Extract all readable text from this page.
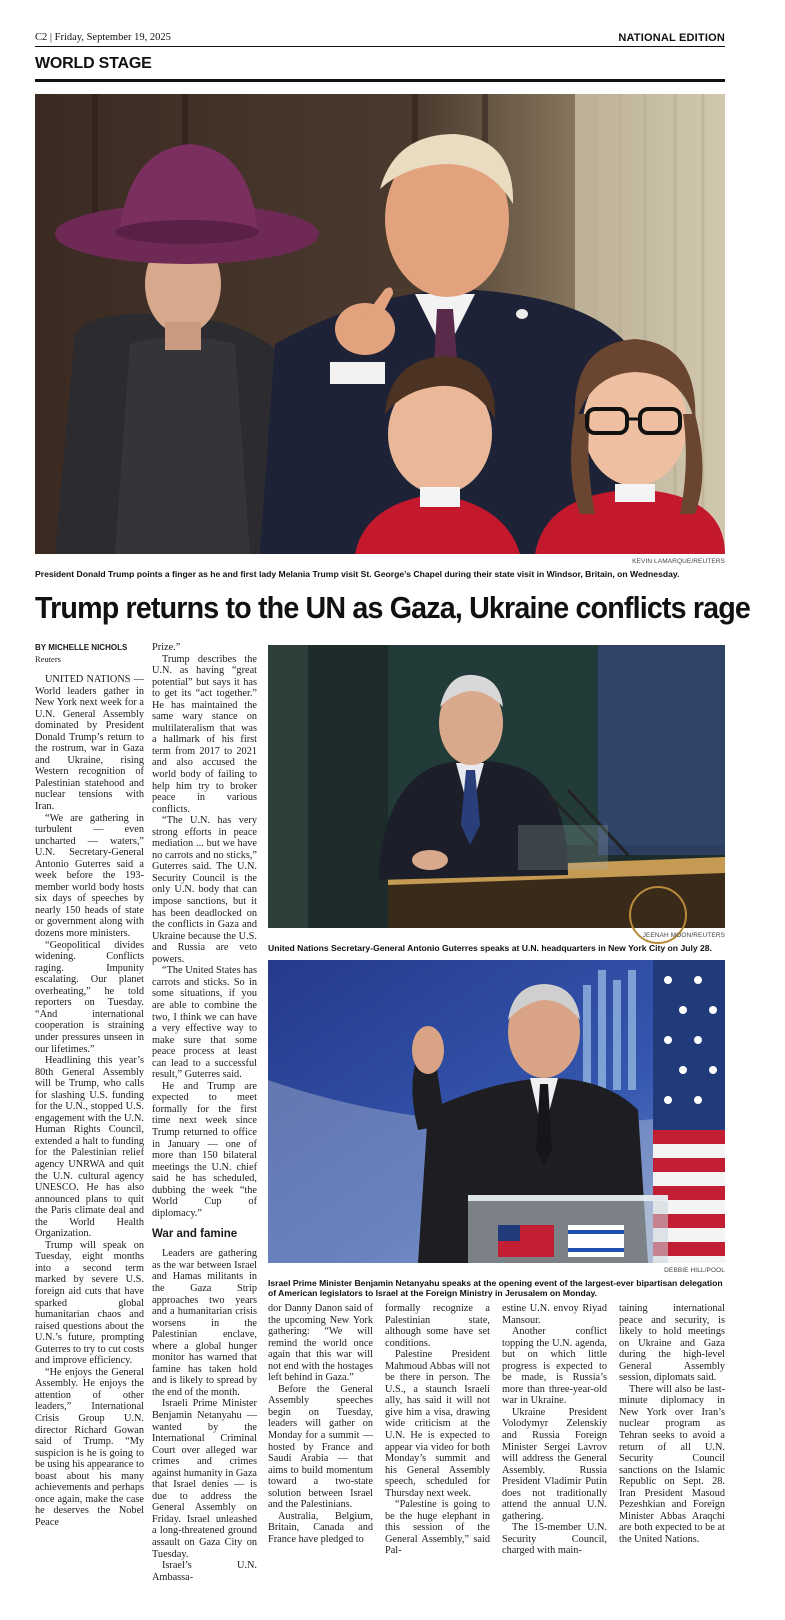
C2 | Friday, September 19, 2025	NATIONAL EDITION
WORLD STAGE
KEVIN LAMARQUE/REUTERS
President Donald Trump points a finger as he and first lady Melania Trump visit St. George’s Chapel during their state visit in Windsor, Britain, on Wednesday.
Trump returns to the UN as Gaza, Ukraine conflicts rage
BY MICHELLE NICHOLS
Reuters

UNITED NATIONS — World leaders gather in New York next week for a U.N. General Assembly dominated by President Donald Trump’s return to the rostrum, war in Gaza and Ukraine, rising Western recognition of Palestinian statehood and nuclear tensions with Iran.

“We are gathering in turbulent — even uncharted — waters,” U.N. Secretary-General Antonio Guterres said a week before the 193-member world body hosts six days of speeches by nearly 150 heads of state or government along with dozens more ministers.

“Geopolitical divides widening. Conflicts raging. Impunity escalating. Our planet overheating,” he told reporters on Tuesday. “And international cooperation is straining under pressures unseen in our lifetimes.”

Headlining this year’s 80th General Assembly will be Trump, who calls for slashing U.S. funding for the U.N., stopped U.S. engagement with the U.N. Human Rights Council, extended a halt to funding for the Palestinian relief agency UNRWA and quit the U.N. cultural agency UNESCO. He has also announced plans to quit the Paris climate deal and the World Health Organization.

Trump will speak on Tuesday, eight months into a second term marked by severe U.S. foreign aid cuts that have sparked global humanitarian chaos and raised questions about the U.N.’s future, prompting Guterres to try to cut costs and improve efficiency.

“He enjoys the General Assembly. He enjoys the attention of other leaders,” International Crisis Group U.N. director Richard Gowan said of Trump. “My suspicion is he is going to be using his appearance to boast about his many achievements and perhaps once again, make the case he deserves the Nobel Peace

Prize.”

Trump describes the U.N. as having “great potential” but says it has to get its “act together.” He has maintained the same wary stance on multilateralism that was a hallmark of his first term from 2017 to 2021 and also accused the world body of failing to help him try to broker peace in various conflicts.

“The U.N. has very strong efforts in peace mediation ... but we have no carrots and no sticks,” Guterres said. The U.N. Security Council is the only U.N. body that can impose sanctions, but it has been deadlocked on the conflicts in Gaza and Ukraine because the U.S. and Russia are veto powers.

“The United States has carrots and sticks. So in some situations, if you are able to combine the two, I think we can have a very effective way to make sure that some peace process at least can lead to a successful result,” Guterres said.

He and Trump are expected to meet formally for the first time next week since Trump returned to office in January — one of more than 150 bilateral meetings the U.N. chief said he has scheduled, dubbing the week “the World Cup of diplomacy.”

War and famine

Leaders are gathering as the war between Israel and Hamas militants in the Gaza Strip approaches two years and a humanitarian crisis worsens in the Palestinian enclave, where a global hunger monitor has warned that famine has taken hold and is likely to spread by the end of the month.

Israeli Prime Minister Benjamin Netanyahu — wanted by the International Criminal Court over alleged war crimes and crimes against humanity in Gaza that Israel denies — is due to address the General Assembly on Friday. Israel unleashed a long-threatened ground assault on Gaza City on Tuesday.

Israel’s U.N. Ambassa-

JEENAH MOON/REUTERS
United Nations Secretary-General Antonio Guterres speaks at U.N. headquarters in New York City on July 28.
DEBBIE HILL/POOL
Israel Prime Minister Benjamin Netanyahu speaks at the opening event of the largest-ever bipartisan delegation of American legislators to Israel at the Foreign Ministry in Jerusalem on Monday.

dor Danny Danon said of the upcoming New York gathering: “We will remind the world once again that this war will not end with the hostages left behind in Gaza.”

Before the General Assembly speeches begin on Tuesday, leaders will gather on Monday for a summit — hosted by France and Saudi Arabia — that aims to build momentum toward a two-state solution between Israel and the Palestinians.

Australia, Belgium, Britain, Canada and France have pledged to

formally recognize a Palestinian state, although some have set conditions.

Palestine President Mahmoud Abbas will not be there in person. The U.S., a staunch Israeli ally, has said it will not give him a visa, drawing wide criticism at the U.N. He is expected to appear via video for both Monday’s summit and his General Assembly speech, scheduled for Thursday next week.

“Palestine is going to be the huge elephant in this session of the General Assembly,” said Pal-

estine U.N. envoy Riyad Mansour.

Another conflict topping the U.N. agenda, but on which little progress is expected to be made, is Russia’s more than three-year-old war in Ukraine.

Ukraine President Volodymyr Zelenskiy and Russia Foreign Minister Sergei Lavrov will address the General Assembly. Russia President Vladimir Putin does not traditionally attend the annual U.N. gathering.

The 15-member U.N. Security Council, charged with main-

taining international peace and security, is likely to hold meetings on Ukraine and Gaza during the high-level General Assembly session, diplomats said.

There will also be last-minute diplomacy in New York over Iran’s nuclear program as Tehran seeks to avoid a return of all U.N. Security Council sanctions on the Islamic Republic on Sept. 28. Iran President Masoud Pezeshkian and Foreign Minister Abbas Araqchi are both expected to be at the United Nations.
